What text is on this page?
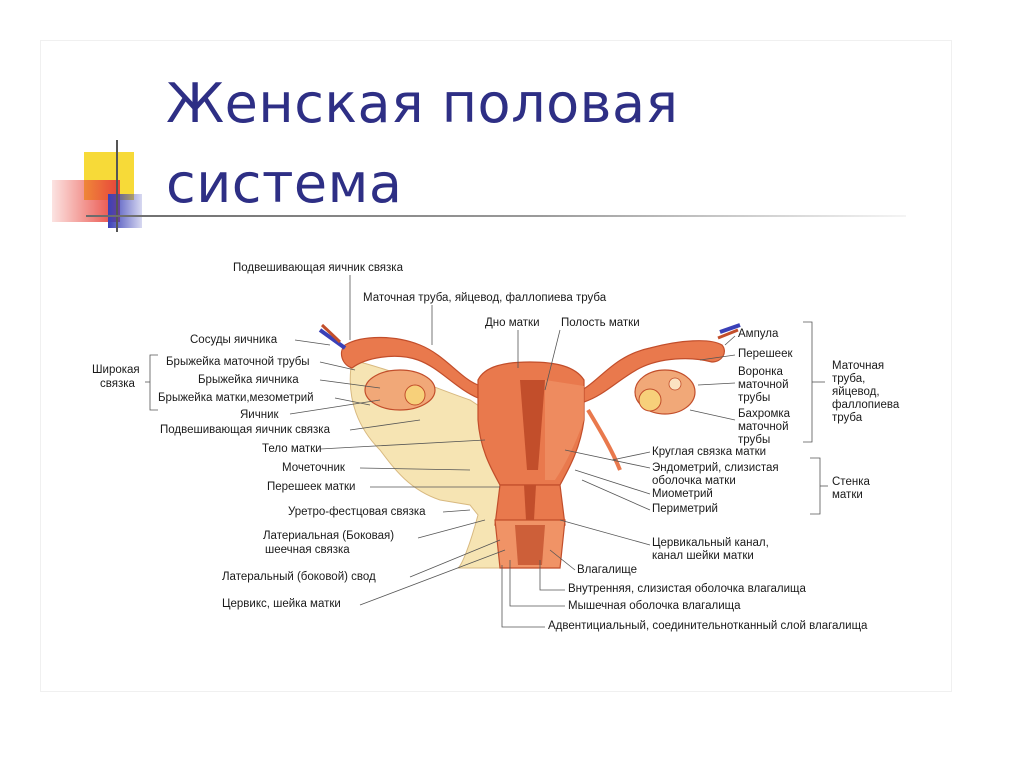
Женская половая
система
Подвешивающая яичник связка
Маточная труба, яйцевод, фаллопиева труба
Сосуды яичника
Широкая
связка
Брыжейка маточной трубы
Брыжейка яичника
Брыжейка матки,мезометрий
Яичник
Подвешивающая яичник связка
Тело матки
Мочеточник
Перешеек матки
Уретро-фестцовая связка
Латериальная (Боковая)
шеечная связка
Латеральный (боковой) свод
Цервикс, шейка матки
Дно матки Полость матки
Ампула
Перешеек
Воронка
маточной
трубы
Бахромка
маточной
трубы
Маточная
труба,
яйцевод,
фаллопиева
труба
Круглая связка матки
Эндометрий, слизистая
оболочка матки
Миометрий
Периметрий
Стенка
матки
Цервикальный канал,
канал шейки матки
Влагалище
Внутренняя, слизистая оболочка влагалища
Мышечная оболочка влагалища
Адвентициальный, соединительнотканный слой влагалища
